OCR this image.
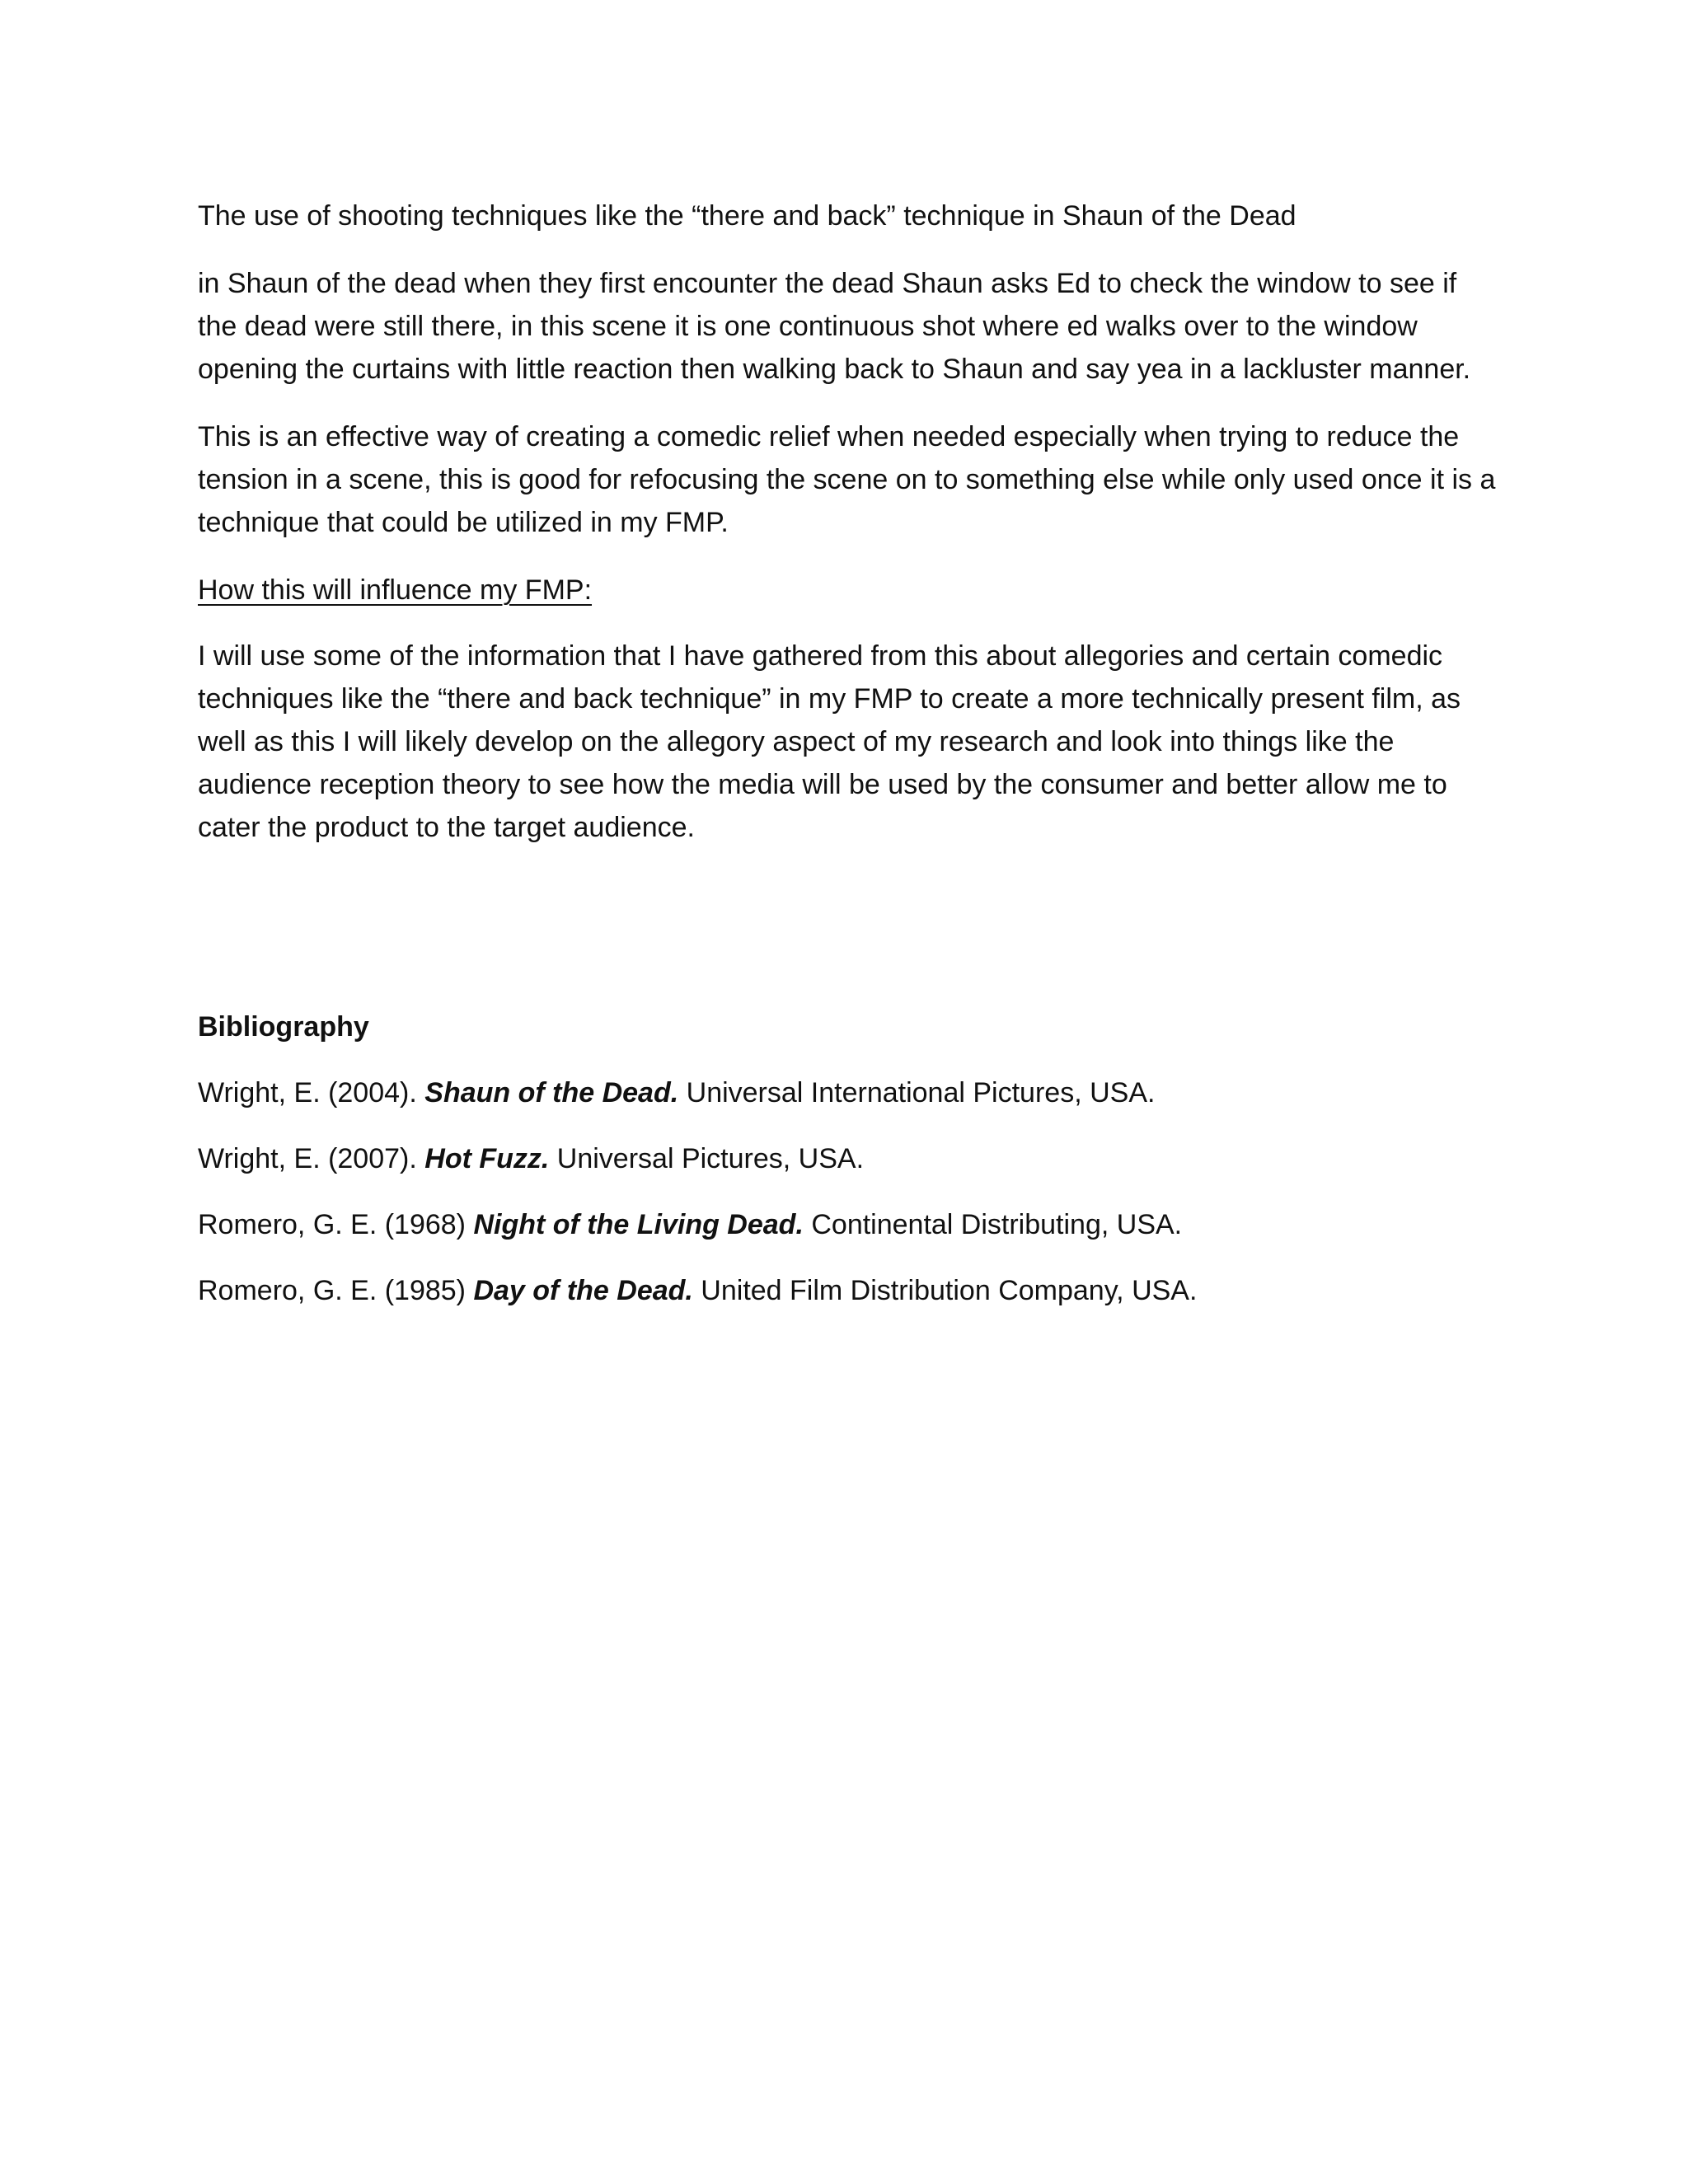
The use of shooting techniques like the “there and back” technique in Shaun of the Dead

in Shaun of the dead when they first encounter the dead Shaun asks Ed to check the window to see if the dead were still there, in this scene it is one continuous shot where ed walks over to the window opening the curtains with little reaction then walking back to Shaun and say yea in a lackluster manner.

This is an effective way of creating a comedic relief when needed especially when trying to reduce the tension in a scene, this is good for refocusing the scene on to something else while only used once it is a technique that could be utilized in my FMP.

How this will influence my FMP:

I will use some of the information that I have gathered from this about allegories and certain comedic techniques like the “there and back technique” in my FMP to create a more technically present film, as well as this I will likely develop on the allegory aspect of my research and look into things like the audience reception theory to see how the media will be used by the consumer and better allow me to cater the product to the target audience.

Bibliography

Wright, E. (2004). Shaun of the Dead. Universal International Pictures, USA.

Wright, E. (2007). Hot Fuzz. Universal Pictures, USA.

Romero, G. E. (1968) Night of the Living Dead. Continental Distributing, USA.

Romero, G. E. (1985) Day of the Dead. United Film Distribution Company, USA.
